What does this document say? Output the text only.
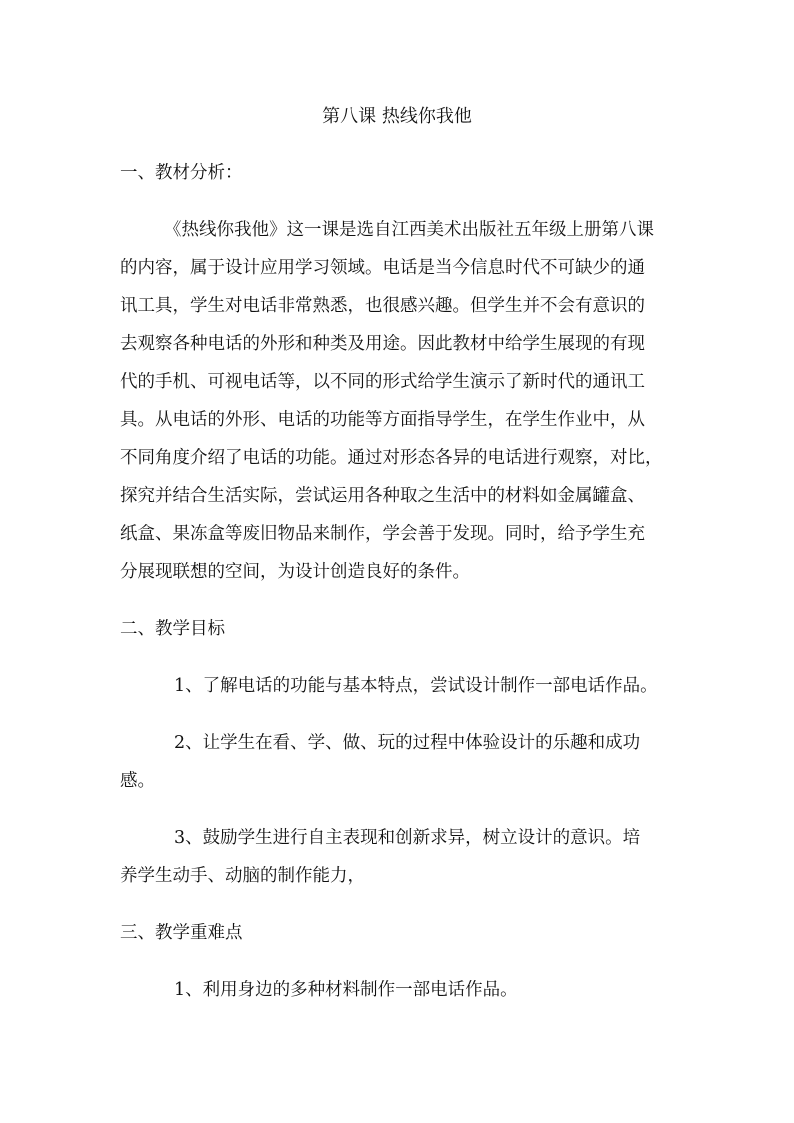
第八课 热线你我他
一、教材分析：
《热线你我他》这一课是选自江西美术出版社五年级上册第八课
的内容，属于设计应用学习领域。电话是当今信息时代不可缺少的通
讯工具，学生对电话非常熟悉，也很感兴趣。但学生并不会有意识的
去观察各种电话的外形和种类及用途。因此教材中给学生展现的有现
代的手机、可视电话等，以不同的形式给学生演示了新时代的通讯工
具。从电话的外形、电话的功能等方面指导学生，在学生作业中，从
不同角度介绍了电话的功能。通过对形态各异的电话进行观察，对比，
探究并结合生活实际，尝试运用各种取之生活中的材料如金属罐盒、
纸盒、果冻盒等废旧物品来制作，学会善于发现。同时，给予学生充
分展现联想的空间，为设计创造良好的条件。
二、教学目标
1、了解电话的功能与基本特点，尝试设计制作一部电话作品。
2、让学生在看、学、做、玩的过程中体验设计的乐趣和成功
感。
3、鼓励学生进行自主表现和创新求异，树立设计的意识。培
养学生动手、动脑的制作能力，
三、教学重难点
1、利用身边的多种材料制作一部电话作品。
